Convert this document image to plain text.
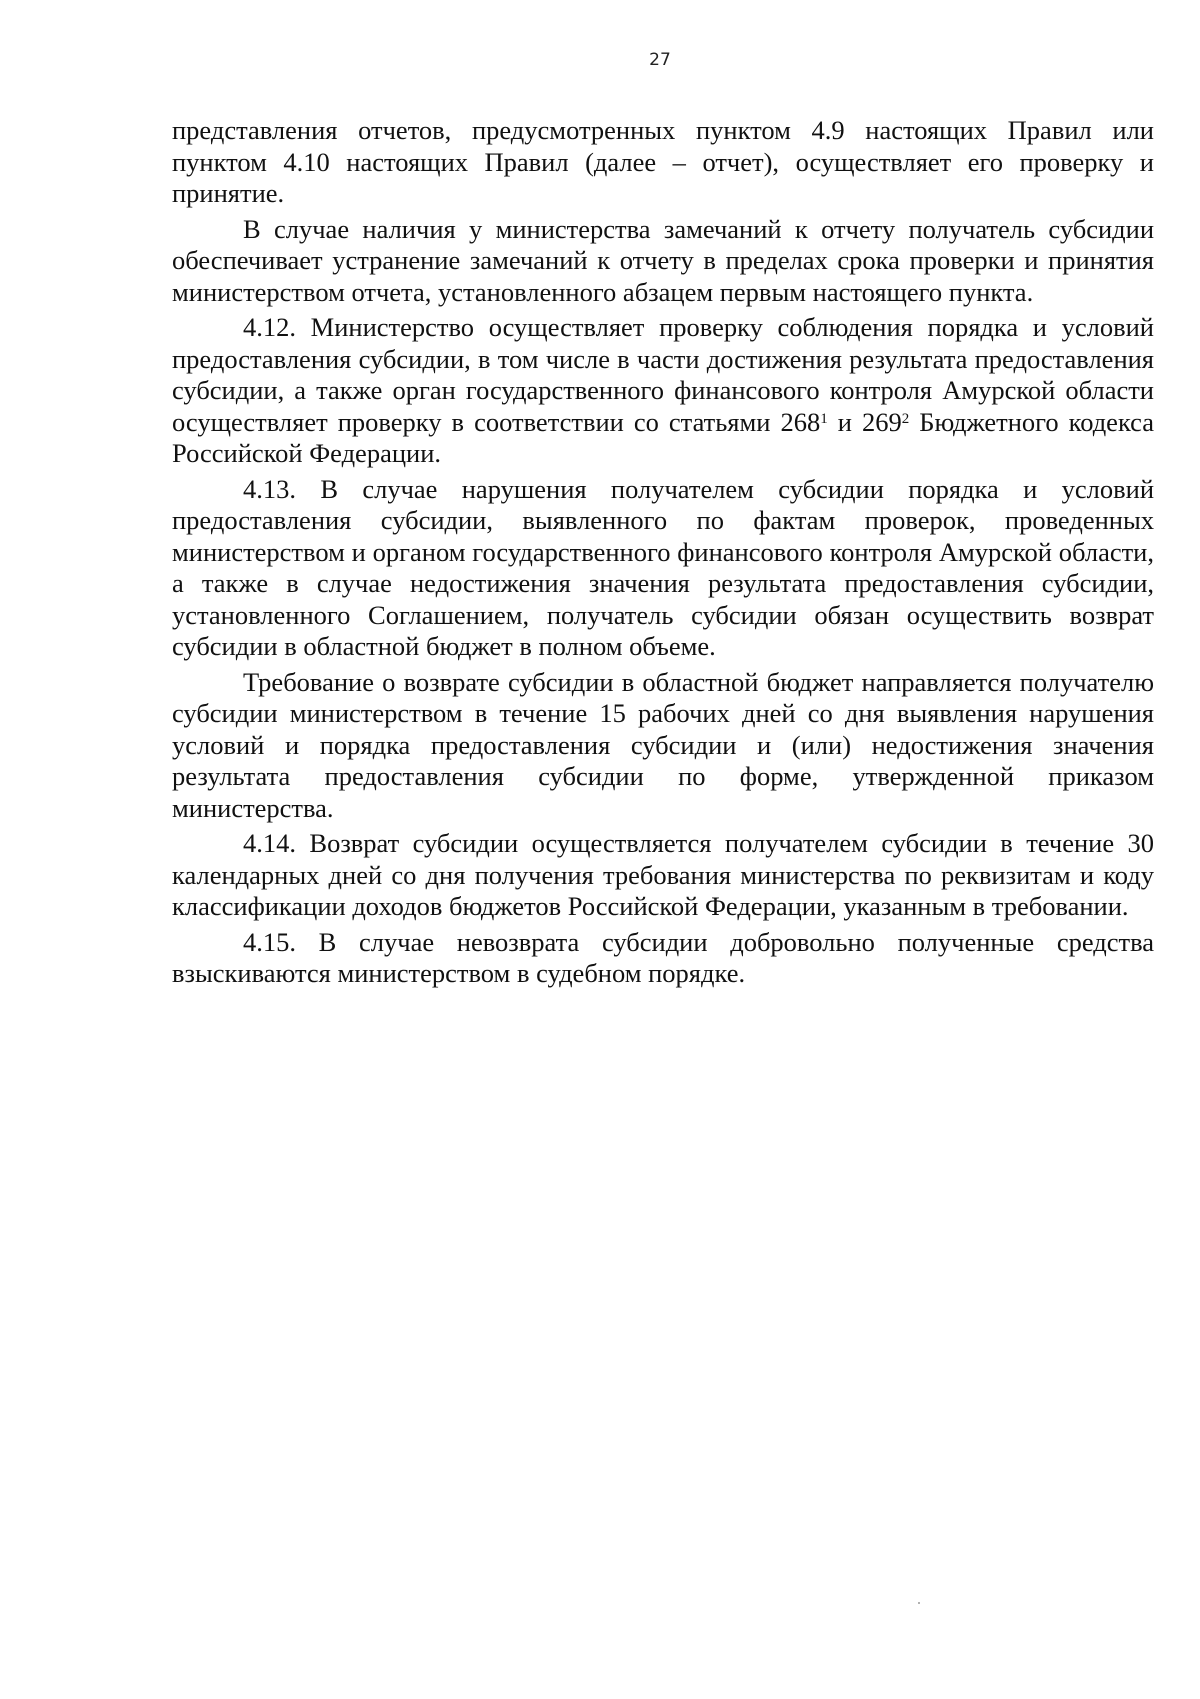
27

представления отчетов, предусмотренных пунктом 4.9 настоящих Правил или пунктом 4.10 настоящих Правил (далее – отчет), осуществляет его проверку и принятие.

В случае наличия у министерства замечаний к отчету получатель субсидии обеспечивает устранение замечаний к отчету в пределах срока проверки и принятия министерством отчета, установленного абзацем первым настоящего пункта.

4.12. Министерство осуществляет проверку соблюдения порядка и условий предоставления субсидии, в том числе в части достижения результата предоставления субсидии, а также орган государственного финансового контроля Амурской области осуществляет проверку в соответствии со статьями $268^1$ и $269^2$ Бюджетного кодекса Российской Федерации.

4.13. В случае нарушения получателем субсидии порядка и условий предоставления субсидии, выявленного по фактам проверок, проведенных министерством и органом государственного финансового контроля Амурской области, а также в случае недостижения значения результата предоставления субсидии, установленного Соглашением, получатель субсидии обязан осуществить возврат субсидии в областной бюджет в полном объеме.

Требование о возврате субсидии в областной бюджет направляется получателю субсидии министерством в течение 15 рабочих дней со дня выявления нарушения условий и порядка предоставления субсидии и (или) недостижения значения результата предоставления субсидии по форме, утвержденной приказом министерства.

4.14. Возврат субсидии осуществляется получателем субсидии в течение 30 календарных дней со дня получения требования министерства по реквизитам и коду классификации доходов бюджетов Российской Федерации, указанным в требовании.

4.15. В случае невозврата субсидии добровольно полученные средства взыскиваются министерством в судебном порядке.
